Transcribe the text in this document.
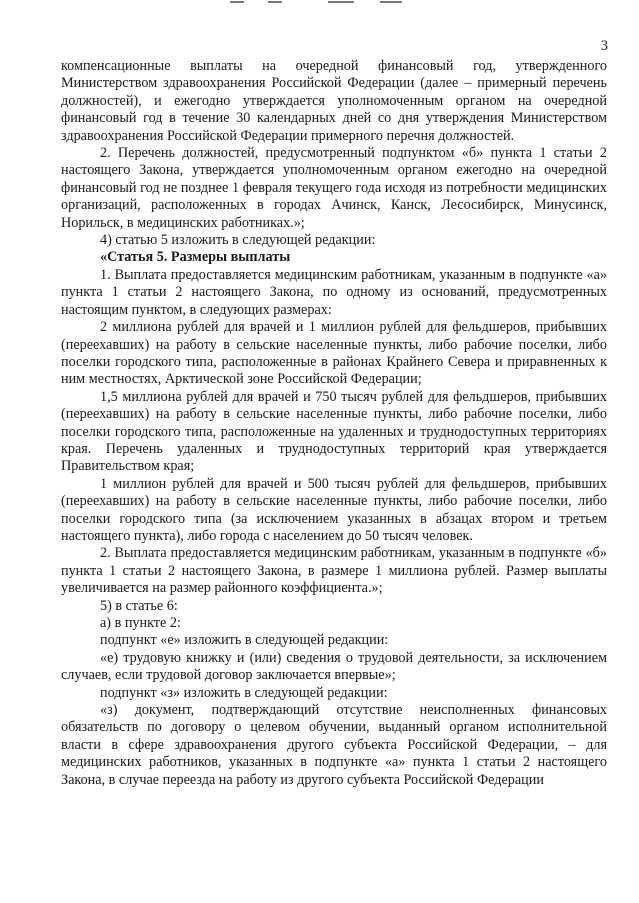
3

компенсационные выплаты на очередной финансовый год, утвержденного Министерством здравоохранения Российской Федерации (далее – примерный перечень должностей), и ежегодно утверждается уполномоченным органом на очередной финансовый год в течение 30 календарных дней со дня утверждения Министерством здравоохранения Российской Федерации примерного перечня должностей.

2. Перечень должностей, предусмотренный подпунктом «б» пункта 1 статьи 2 настоящего Закона, утверждается уполномоченным органом ежегодно на очередной финансовый год не позднее 1 февраля текущего года исходя из потребности медицинских организаций, расположенных в городах Ачинск, Канск, Лесосибирск, Минусинск, Норильск, в медицинских работниках.»;

4) статью 5 изложить в следующей редакции:

«Статья 5. Размеры выплаты

1. Выплата предоставляется медицинским работникам, указанным в подпункте «а» пункта 1 статьи 2 настоящего Закона, по одному из оснований, предусмотренных настоящим пунктом, в следующих размерах:

2 миллиона рублей для врачей и 1 миллион рублей для фельдшеров, прибывших (переехавших) на работу в сельские населенные пункты, либо рабочие поселки, либо поселки городского типа, расположенные в районах Крайнего Севера и приравненных к ним местностях, Арктической зоне Российской Федерации;

1,5 миллиона рублей для врачей и 750 тысяч рублей для фельдшеров, прибывших (переехавших) на работу в сельские населенные пункты, либо рабочие поселки, либо поселки городского типа, расположенные на удаленных и труднодоступных территориях края. Перечень удаленных и труднодоступных территорий края утверждается Правительством края;

1 миллион рублей для врачей и 500 тысяч рублей для фельдшеров, прибывших (переехавших) на работу в сельские населенные пункты, либо рабочие поселки, либо поселки городского типа (за исключением указанных в абзацах втором и третьем настоящего пункта), либо города с населением до 50 тысяч человек.

2. Выплата предоставляется медицинским работникам, указанным в подпункте «б» пункта 1 статьи 2 настоящего Закона, в размере 1 миллиона рублей. Размер выплаты увеличивается на размер районного коэффициента.»;

5) в статье 6:

а) в пункте 2:

подпункт «е» изложить в следующей редакции:

«е) трудовую книжку и (или) сведения о трудовой деятельности, за исключением случаев, если трудовой договор заключается впервые»;

подпункт «з» изложить в следующей редакции:

«з) документ, подтверждающий отсутствие неисполненных финансовых обязательств по договору о целевом обучении, выданный органом исполнительной власти в сфере здравоохранения другого субъекта Российской Федерации, – для медицинских работников, указанных в подпункте «а» пункта 1 статьи 2 настоящего Закона, в случае переезда на работу из другого субъекта Российской Федерации
